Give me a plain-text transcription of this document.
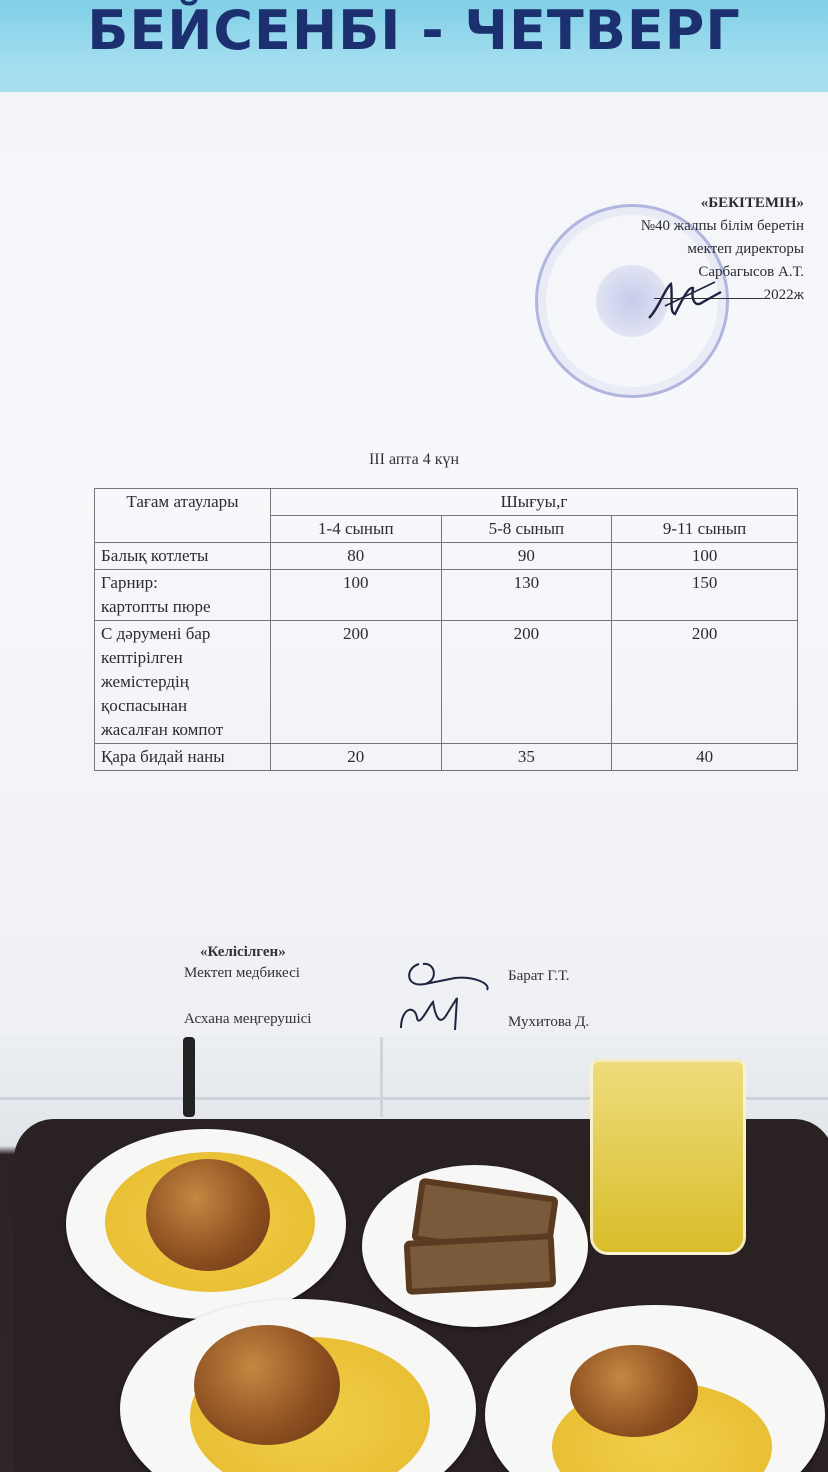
БЕЙСЕНБІ - ЧЕТВЕРГ
«БЕКІТЕМІН»
№40 жалпы білім беретін
мектеп директоры
Сарбагысов А.Т.
2022ж
ІІІ апта 4 күн
Тағам атаулары	Шығуы,г		
	1-4 сынып	5-8 сынып	9-11 сынып

Балық котлеты	80	90	100

Гарнир:
картопты пюре	100	130	150

С дәрумені бар
кептірілген
жемістердің
қоспасынан
жасалған компот	200	200	200

Қара бидай наны	20	35	40
«Келісілген»
Мектеп медбикесі	Барат Г.Т.
Асхана меңгерушісі	Мухитова Д.
